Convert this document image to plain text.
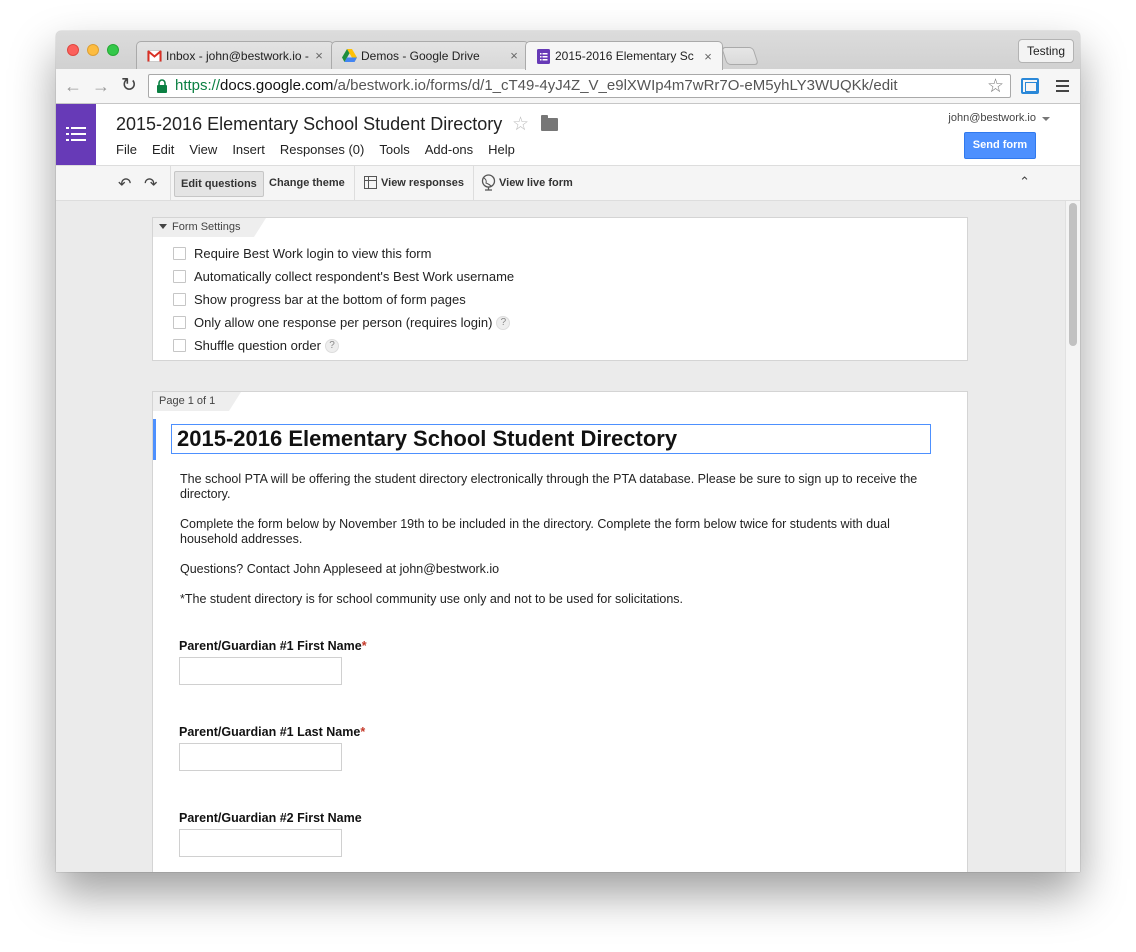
Inbox - john@bestwork.io - ×	Demos - Google Drive	×	2015-2016 Elementary Sc ×	Testing
← → ↻	https://docs.google.com/a/bestwork.io/forms/d/1_cT49-4yJ4Z_V_e9lXWIp4m7wRr7O-eM5yhLY3WUQKk/edit	☆
2015-2016 Elementary School Student Directory ☆
File Edit View Insert Responses (0) Tools Add-ons Help
john@bestwork.io
Send form
↶ ↷	Edit questions	Change theme	View responses	View live form	⌃

Form Settings
Require Best Work login to view this form
Automatically collect respondent's Best Work username
Show progress bar at the bottom of form pages
Only allow one response per person (requires login) ?
Shuffle question order ?
Page 1 of 1
2015-2016 Elementary School Student Directory
The school PTA will be offering the student directory electronically through the PTA database. Please be sure to sign up to receive the directory.
Complete the form below by November 19th to be included in the directory. Complete the form below twice for students with dual household addresses.
Questions? Contact John Appleseed at john@bestwork.io
*The student directory is for school community use only and not to be used for solicitations.
Parent/Guardian #1 First Name*
Parent/Guardian #1 Last Name*
Parent/Guardian #2 First Name
